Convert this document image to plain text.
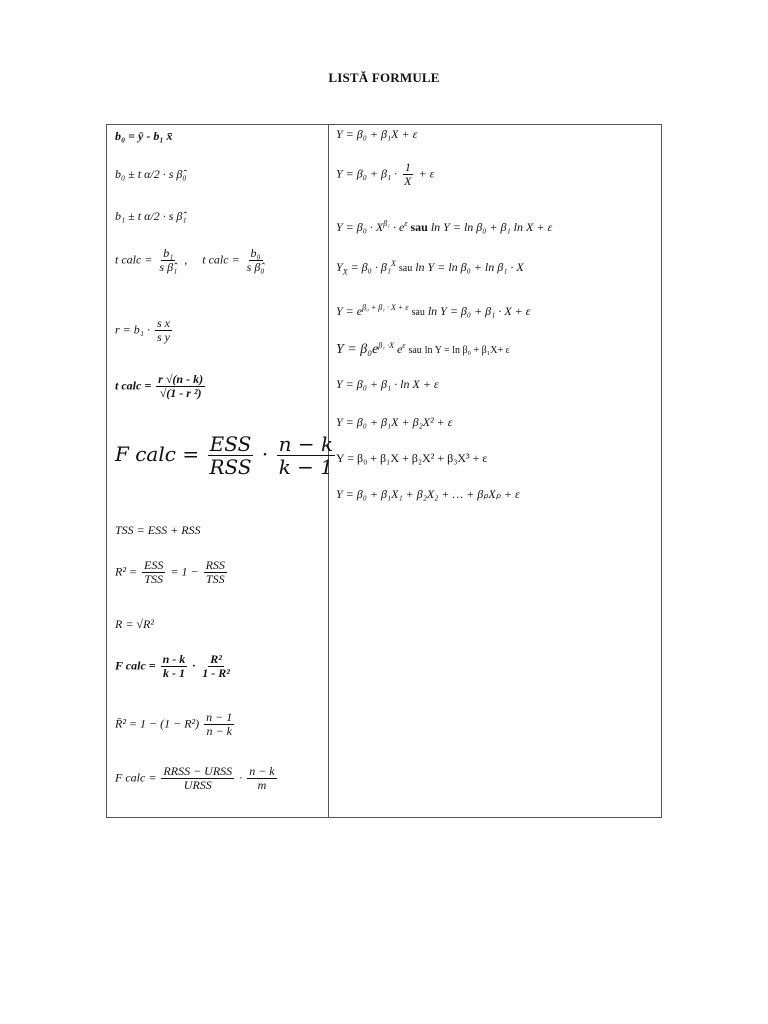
LISTĂ FORMULE
b₀ = ȳ - b₁ x̄
b₀ ± t α/2 · s β̂₀
b₁ ± t α/2 · s β̂₁
t calc = $\frac{\text{b₁}}{\text{s β̂₁}}$ , t calc = $\frac{\text{b₀}}{\text{s β̂₀}}$
$r = b_1 \cdot \frac{\text{s x}}{\text{s y}}$
t calc = $\frac{r √(n - k)}{\text{√(1 - r ²)}}$
F calc = $\frac{\text{ESS}}{\text{RSS}} \cdot \frac{n - k}{k - 1}$
TSS = ESS + RSS
$R^2 = \frac{\text{ESS}}{\text{TSS}} = 1 - \frac{\text{RSS}}{\text{TSS}}$
R = √R²
F calc = $\frac{n - k}{k - 1} \cdot \frac{\text{R²}}{\text{1 - R²}}$
R̄² = $1 - (1 - R^2) \frac{n - 1}{n - k}$
F calc = $\frac{\text{RRSS − URSS}}{\text{URSS}} \cdot \frac{n - k}{m}$
Y = β₀ + β₁X + ε
$Y = \beta_0 + \beta_1 \cdot \frac{1}{X} + \varepsilon$
$Y = \beta_0 \cdot X^{\beta_1} \cdot e^\varepsilon$ sau ln Y = ln β₀ + β₁ ln X + ε
$Y_X = \beta_0 \cdot \beta_1^X$ sau ln Y = ln β₀ + ln β₁ · X
$Y = e^{\beta_0 + \beta_1 \cdot X + \varepsilon}$ sau ln Y = β₀ + β₁ · X + ε
$Y = \beta_0e^{\beta_1 \cdot X}$ $e^\varepsilon$ sau ln Y = ln β₀ + β₁X+ ε
Y = β₀ + β₁ · ln X + ε
Y = β₀ + β₁X + β₂X² + ε
Y = β₀ + β₁X + β₂X² + β₃X³ + ε
Y = β₀ + β₁X₁ + β₂X₂ + … + βₚXₚ + ε
